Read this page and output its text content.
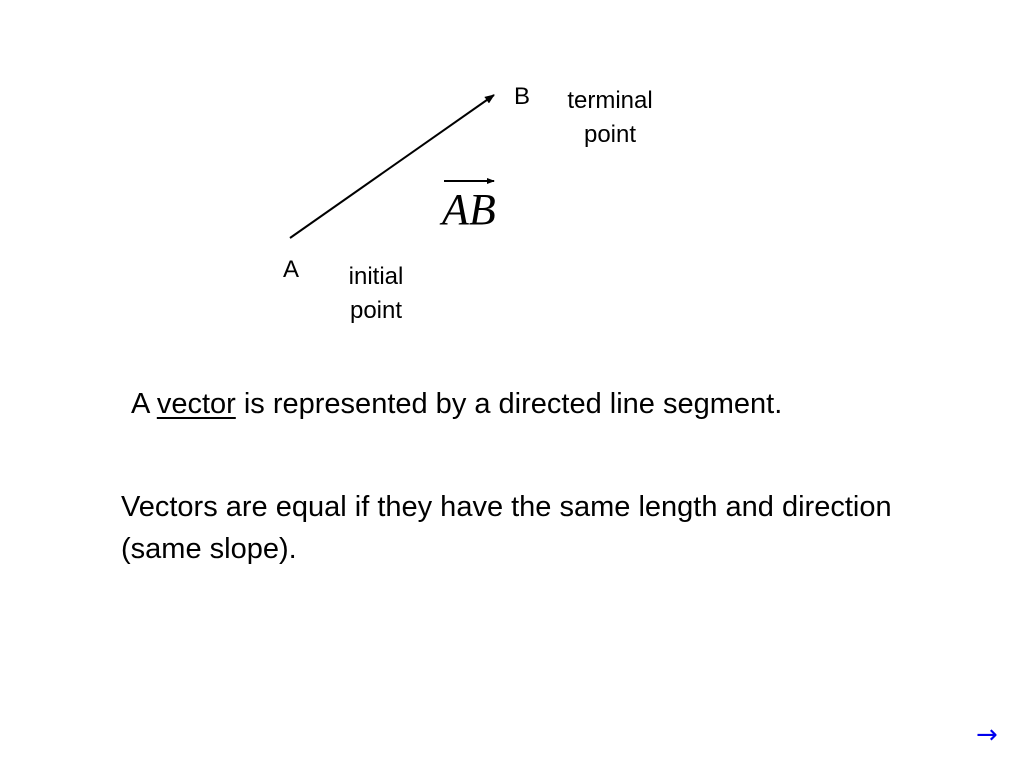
B	terminal
point
AB
A	initial
point
A vector is represented by a directed line segment.
Vectors are equal if they have the same length and direction (same slope).
→
